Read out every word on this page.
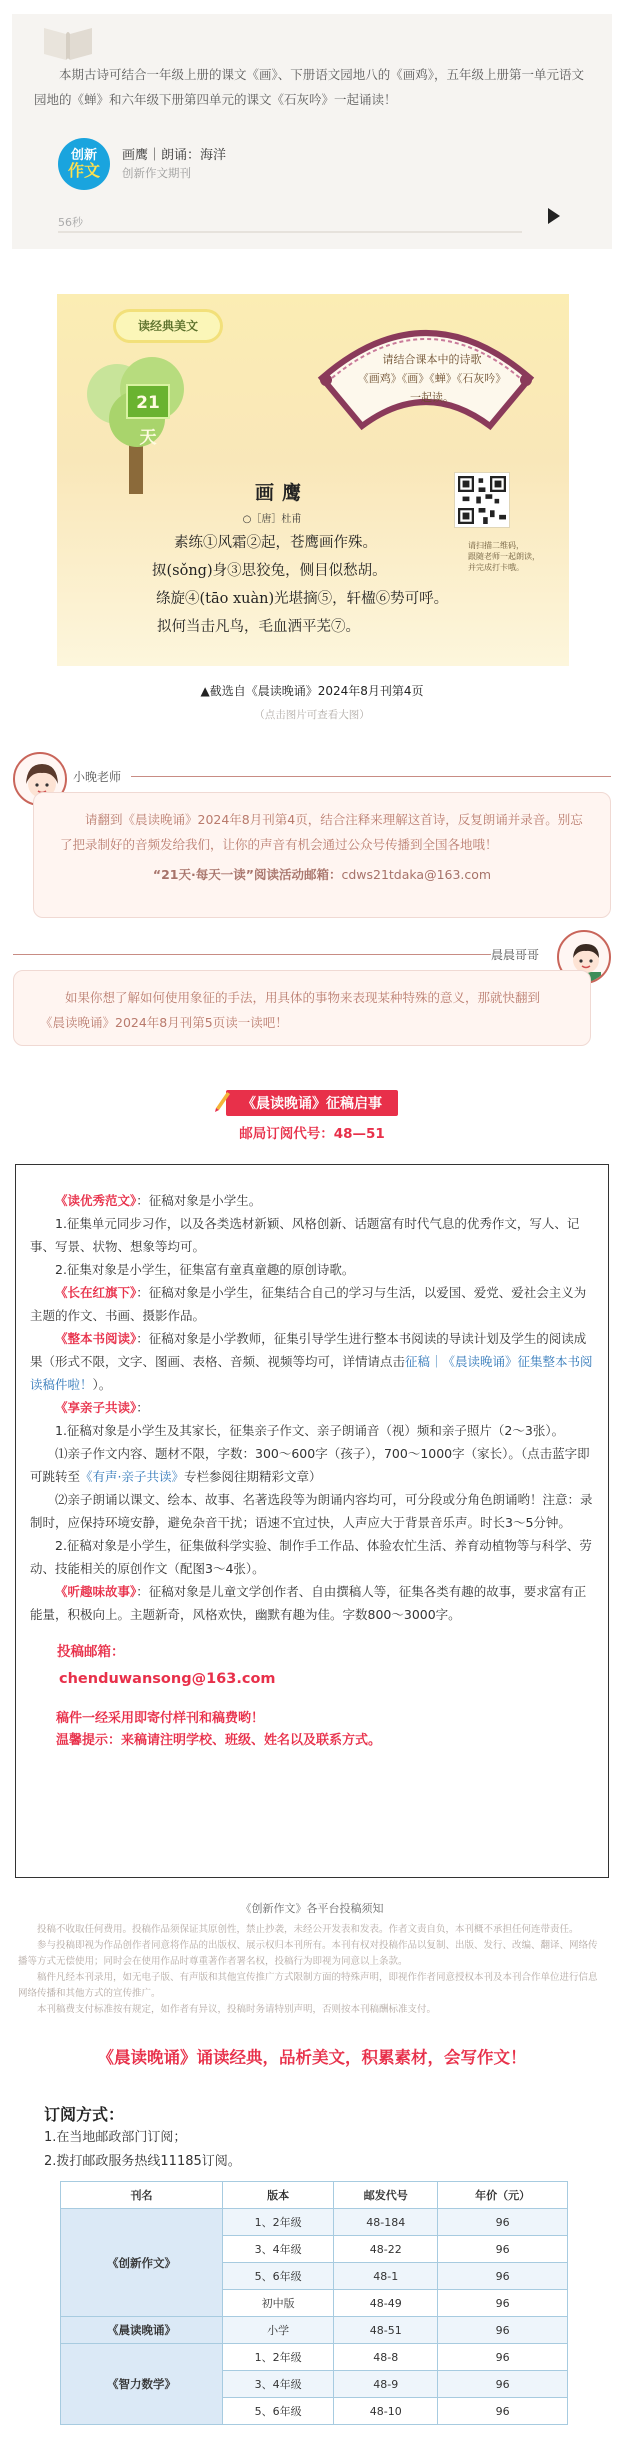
本期古诗可结合一年级上册的课文《画》、下册语文园地八的《画鸡》，五年级上册第一单元语文园地的《蝉》和六年级下册第四单元的课文《石灰吟》一起诵读！

创新
作文
画鹰｜朗诵：海洋
创新作文期刊
56秒
读经典美文
21天
请结合课本中的诗歌
《画鸡》《画》《蝉》《石灰吟》
一起读。
请扫描二维码，
跟随老师一起朗读，
并完成打卡哦。
画鹰
○［唐］杜甫
素练①风霜②起，苍鹰画作殊。
㧐(sǒng)身③思狡兔，侧目似愁胡。
绦旋④(tāo xuàn)光堪摘⑤，轩楹⑥势可呼。
拟何当击凡鸟，毛血洒平芜⑦。
▲截选自《晨读晚诵》2024年8月刊第4页
（点击图片可查看大图）
小晚老师

请翻到《晨读晚诵》2024年8月刊第4页，结合注释来理解这首诗，反复朗诵并录音。别忘了把录制好的音频发给我们，让你的声音有机会通过公众号传播到全国各地哦！

“21天·每天一读”阅读活动邮箱：cdws21tdaka@163.com
晨晨哥哥

如果你想了解如何使用象征的手法，用具体的事物来表现某种特殊的意义，那就快翻到《晨读晚诵》2024年8月刊第5页读一读吧！

《晨读晚诵》征稿启事
邮局订阅代号：48—51

《读优秀范文》：征稿对象是小学生。

1.征集单元同步习作，以及各类选材新颖、风格创新、话题富有时代气息的优秀作文，写人、记事、写景、状物、想象等均可。

2.征集对象是小学生，征集富有童真童趣的原创诗歌。

《长在红旗下》：征稿对象是小学生，征集结合自己的学习与生活，以爱国、爱党、爱社会主义为主题的作文、书画、摄影作品。

《整本书阅读》：征稿对象是小学教师，征集引导学生进行整本书阅读的导读计划及学生的阅读成果（形式不限，文字、图画、表格、音频、视频等均可，详情请点击征稿｜《晨读晚诵》征集整本书阅读稿件啦！）。

《享亲子共读》：

1.征稿对象是小学生及其家长，征集亲子作文、亲子朗诵音（视）频和亲子照片（2～3张）。

⑴亲子作文内容、题材不限，字数：300～600字（孩子），700～1000字（家长）。（点击蓝字即可跳转至《有声·亲子共读》专栏参阅往期精彩文章）

⑵亲子朗诵以课文、绘本、故事、名著选段等为朗诵内容均可，可分段或分角色朗诵哟！注意：录制时，应保持环境安静，避免杂音干扰；语速不宜过快，人声应大于背景音乐声。时长3～5分钟。

2.征稿对象是小学生，征集做科学实验、制作手工作品、体验农忙生活、养育动植物等与科学、劳动、技能相关的原创作文（配图3～4张）。

《听趣味故事》：征稿对象是儿童文学创作者、自由撰稿人等，征集各类有趣的故事，要求富有正能量，积极向上。主题新奇，风格欢快，幽默有趣为佳。字数800～3000字。

投稿邮箱：
chenduwansong@163.com
稿件一经采用即寄付样刊和稿费哟！
温馨提示：来稿请注明学校、班级、姓名以及联系方式。
《创新作文》各平台投稿须知

投稿不收取任何费用。投稿作品须保证其原创性，禁止抄袭，未经公开发表和发表。作者文责自负，本刊概不承担任何连带责任。

参与投稿即视为作品创作者同意将作品的出版权、展示权归本刊所有。本刊有权对投稿作品以复制、出版、发行、改编、翻译、网络传播等方式无偿使用；同时会在使用作品时尊重著作者署名权，投稿行为即视为同意以上条款。

稿件凡经本刊录用，如无电子版、有声版和其他宣传推广方式限制方面的特殊声明，即视作作者同意授权本刊及本刊合作单位进行信息网络传播和其他方式的宣传推广。

本刊稿费支付标准按有规定，如作者有异议，投稿时务请特别声明，否则按本刊稿酬标准支付。

《晨读晚诵》诵读经典，品析美文，积累素材，会写作文！
订阅方式：
1.在当地邮政部门订阅；
2.拨打邮政服务热线11185订阅。
刊名	版本	邮发代号	年价（元）
《创新作文》	1、2年级	48-184	96
	3、4年级	48-22	96
	5、6年级	48-1	96
	初中版	48-49	96
《晨读晚诵》	小学	48-51	96
《智力数学》	1、2年级	48-8	96
	3、4年级	48-9	96
	5、6年级	48-10	96
